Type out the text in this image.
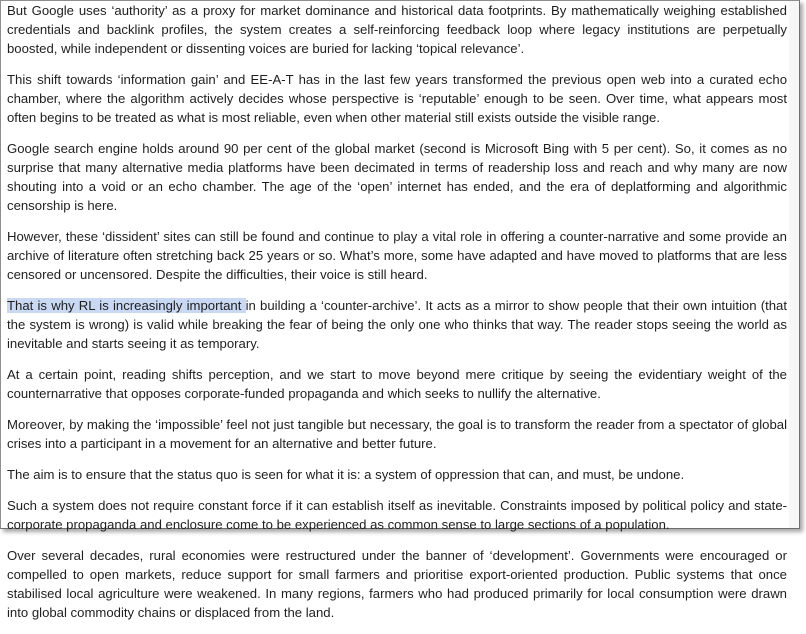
But Google uses ‘authority’ as a proxy for market dominance and historical data footprints. By mathematically weighing established credentials and backlink profiles, the system creates a self-reinforcing feedback loop where legacy institutions are perpetually boosted, while independent or dissenting voices are buried for lacking ‘topical relevance’.

This shift towards ‘information gain’ and EE-A-T has in the last few years transformed the previous open web into a curated echo chamber, where the algorithm actively decides whose perspective is ‘reputable’ enough to be seen. Over time, what appears most often begins to be treated as what is most reliable, even when other material still exists outside the visible range.

Google search engine holds around 90 per cent of the global market (second is Microsoft Bing with 5 per cent). So, it comes as no surprise that many alternative media platforms have been decimated in terms of readership loss and reach and why many are now shouting into a void or an echo chamber. The age of the ‘open’ internet has ended, and the era of deplatforming and algorithmic censorship is here.

However, these ‘dissident’ sites can still be found and continue to play a vital role in offering a counter-narrative and some provide an archive of literature often stretching back 25 years or so. What’s more, some have adapted and have moved to platforms that are less censored or uncensored. Despite the difficulties, their voice is still heard.

That is why RL is increasingly important in building a ‘counter-archive’. It acts as a mirror to show people that their own intuition (that the system is wrong) is valid while breaking the fear of being the only one who thinks that way. The reader stops seeing the world as inevitable and starts seeing it as temporary.

At a certain point, reading shifts perception, and we start to move beyond mere critique by seeing the evidentiary weight of the counternarrative that opposes corporate-funded propaganda and which seeks to nullify the alternative.

Moreover, by making the ‘impossible’ feel not just tangible but necessary, the goal is to transform the reader from a spectator of global crises into a participant in a movement for an alternative and better future.

The aim is to ensure that the status quo is seen for what it is: a system of oppression that can, and must, be undone.

Such a system does not require constant force if it can establish itself as inevitable. Constraints imposed by political policy and state-corporate propaganda and enclosure come to be experienced as common sense to large sections of a population.

Over several decades, rural economies were restructured under the banner of ‘development’. Governments were encouraged or compelled to open markets, reduce support for small farmers and prioritise export-oriented production. Public systems that once stabilised local agriculture were weakened. In many regions, farmers who had produced primarily for local consumption were drawn into global commodity chains or displaced from the land.
